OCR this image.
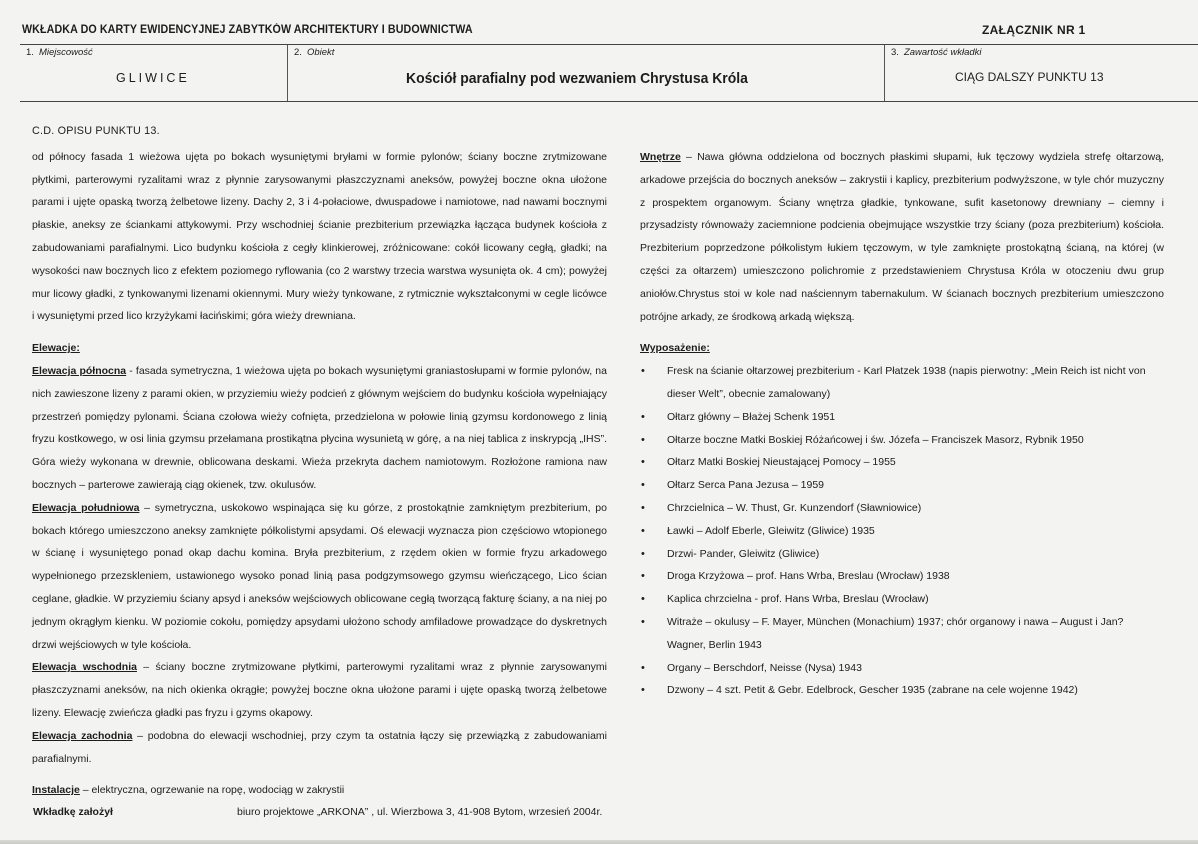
WKŁADKA DO KARTY EWIDENCYJNEJ ZABYTKÓW ARCHITEKTURY I BUDOWNICTWA	ZAŁĄCZNIK NR 1
1. Miejscowość
GLIWICE
2. Obiekt
Kościół parafialny pod wezwaniem Chrystusa Króla
3. Zawartość wkładki
CIĄG DALSZY PUNKTU 13
C.D. OPISU PUNKTU 13.

od północy fasada 1 wieżowa ujęta po bokach wysuniętymi bryłami w formie pylonów; ściany boczne zrytmizowane płytkimi, parterowymi ryzalitami wraz z płynnie zarysowanymi płaszczyznami aneksów, powyżej boczne okna ułożone parami i ujęte opaską tworzą żelbetowe lizeny. Dachy 2, 3 i 4-połaciowe, dwuspadowe i namiotowe, nad nawami bocznymi płaskie, aneksy ze ściankami attykowymi. Przy wschodniej ścianie prezbiterium przewiązka łącząca budynek kościoła z zabudowaniami parafialnymi. Lico budynku kościoła z cegły klinkierowej, zróżnicowane: cokół licowany cegłą, gładki; na wysokości naw bocznych lico z efektem poziomego ryflowania (co 2 warstwy trzecia warstwa wysunięta ok. 4 cm); powyżej mur licowy gładki, z tynkowanymi lizenami okiennymi. Mury wieży tynkowane, z rytmicznie wykształconymi w cegle licówce i wysuniętymi przed lico krzyżykami łacińskimi; góra wieży drewniana.

Elewacje:

Elewacja północna - fasada symetryczna, 1 wieżowa ujęta po bokach wysuniętymi graniastosłupami w formie pylonów, na nich zawieszone lizeny z parami okien, w przyziemiu wieży podcień z głównym wejściem do budynku kościoła wypełniający przestrzeń pomiędzy pylonami. Ściana czołowa wieży cofnięta, przedzielona w połowie linią gzymsu kordonowego z linią fryzu kostkowego, w osi linia gzymsu przełamana prostikątna płycina wysunietą w górę, a na niej tablica z inskrypcją „IHS”. Góra wieży wykonana w drewnie, oblicowana deskami. Wieża przekryta dachem namiotowym. Rozłożone ramiona naw bocznych – parterowe zawierają ciąg okienek, tzw. okulusów.

Elewacja południowa – symetryczna, uskokowo wspinająca się ku górze, z prostokątnie zamkniętym prezbiterium, po bokach którego umieszczono aneksy zamknięte półkolistymi apsydami. Oś elewacji wyznacza pion częściowo wtopionego w ścianę i wysuniętego ponad okap dachu komina. Bryła prezbiterium, z rzędem okien w formie fryzu arkadowego wypełnionego przezskleniem, ustawionego wysoko ponad linią pasa podgzymsowego gzymsu wieńczącego, Lico ścian ceglane, gładkie. W przyziemiu ściany apsyd i aneksów wejściowych oblicowane cegłą tworzącą fakturę ściany, a na niej po jednym okrągłym kienku. W poziomie cokołu, pomiędzy apsydami ułożono schody amfiladowe prowadzące do dyskretnych drzwi wejściowych w tyle kościoła.

Elewacja wschodnia – ściany boczne zrytmizowane płytkimi, parterowymi ryzalitami wraz z płynnie zarysowanymi płaszczyznami aneksów, na nich okienka okrągłe; powyżej boczne okna ułożone parami i ujęte opaską tworzą żelbetowe lizeny. Elewację zwieńcza gładki pas fryzu i gzyms okapowy.

Elewacja zachodnia – podobna do elewacji wschodniej, przy czym ta ostatnia łączy się przewiązką z zabudowaniami parafialnymi.

Instalacje – elektryczna, ogrzewanie na ropę, wodociąg w zakrystii

Wnętrze – Nawa główna oddzielona od bocznych płaskimi słupami, łuk tęczowy wydziela strefę ołtarzową, arkadowe przejścia do bocznych aneksów – zakrystii i kaplicy, prezbiterium podwyższone, w tyle chór muzyczny z prospektem organowym. Ściany wnętrza gładkie, tynkowane, sufit kasetonowy drewniany – ciemny i przysadzisty równoważy zaciemnione podcienia obejmujące wszystkie trzy ściany (poza prezbiterium) kościoła. Prezbiterium poprzedzone półkolistym łukiem tęczowym, w tyle zamknięte prostokątną ścianą, na której (w części za ołtarzem) umieszczono polichromie z przedstawieniem Chrystusa Króla w otoczeniu dwu grup aniołów.Chrystus stoi w kole nad naściennym tabernakulum. W ścianach bocznych prezbiterium umieszczono potrójne arkady, ze środkową arkadą większą.

Wyposażenie:
• Fresk na ścianie ołtarzowej prezbiterium - Karl Płatzek 1938 (napis pierwotny: „Mein Reich ist nicht von dieser Welt”, obecnie zamalowany)
• Ołtarz główny – Błażej Schenk 1951
• Ołtarze boczne Matki Boskiej Różańcowej i św. Józefa – Franciszek Masorz, Rybnik 1950
• Ołtarz Matki Boskiej Nieustającej Pomocy – 1955
• Ołtarz Serca Pana Jezusa – 1959
• Chrzcielnica – W. Thust, Gr. Kunzendorf (Sławniowice)
• Ławki – Adolf Eberle, Gleiwitz (Gliwice) 1935
• Drzwi- Pander, Gleiwitz (Gliwice)
• Droga Krzyżowa – prof. Hans Wrba, Breslau (Wrocław) 1938
• Kaplica chrzcielna - prof. Hans Wrba, Breslau (Wrocław)
• Witraże – okulusy – F. Mayer, München (Monachium) 1937; chór organowy i nawa – August i Jan? Wagner, Berlin 1943
• Organy – Berschdorf, Neisse (Nysa) 1943
• Dzwony – 4 szt. Petit & Gebr. Edelbrock, Gescher 1935 (zabrane na cele wojenne 1942)
Wkładkę założył	biuro projektowe „ARKONA” , ul. Wierzbowa 3, 41-908 Bytom, wrzesień 2004r.
